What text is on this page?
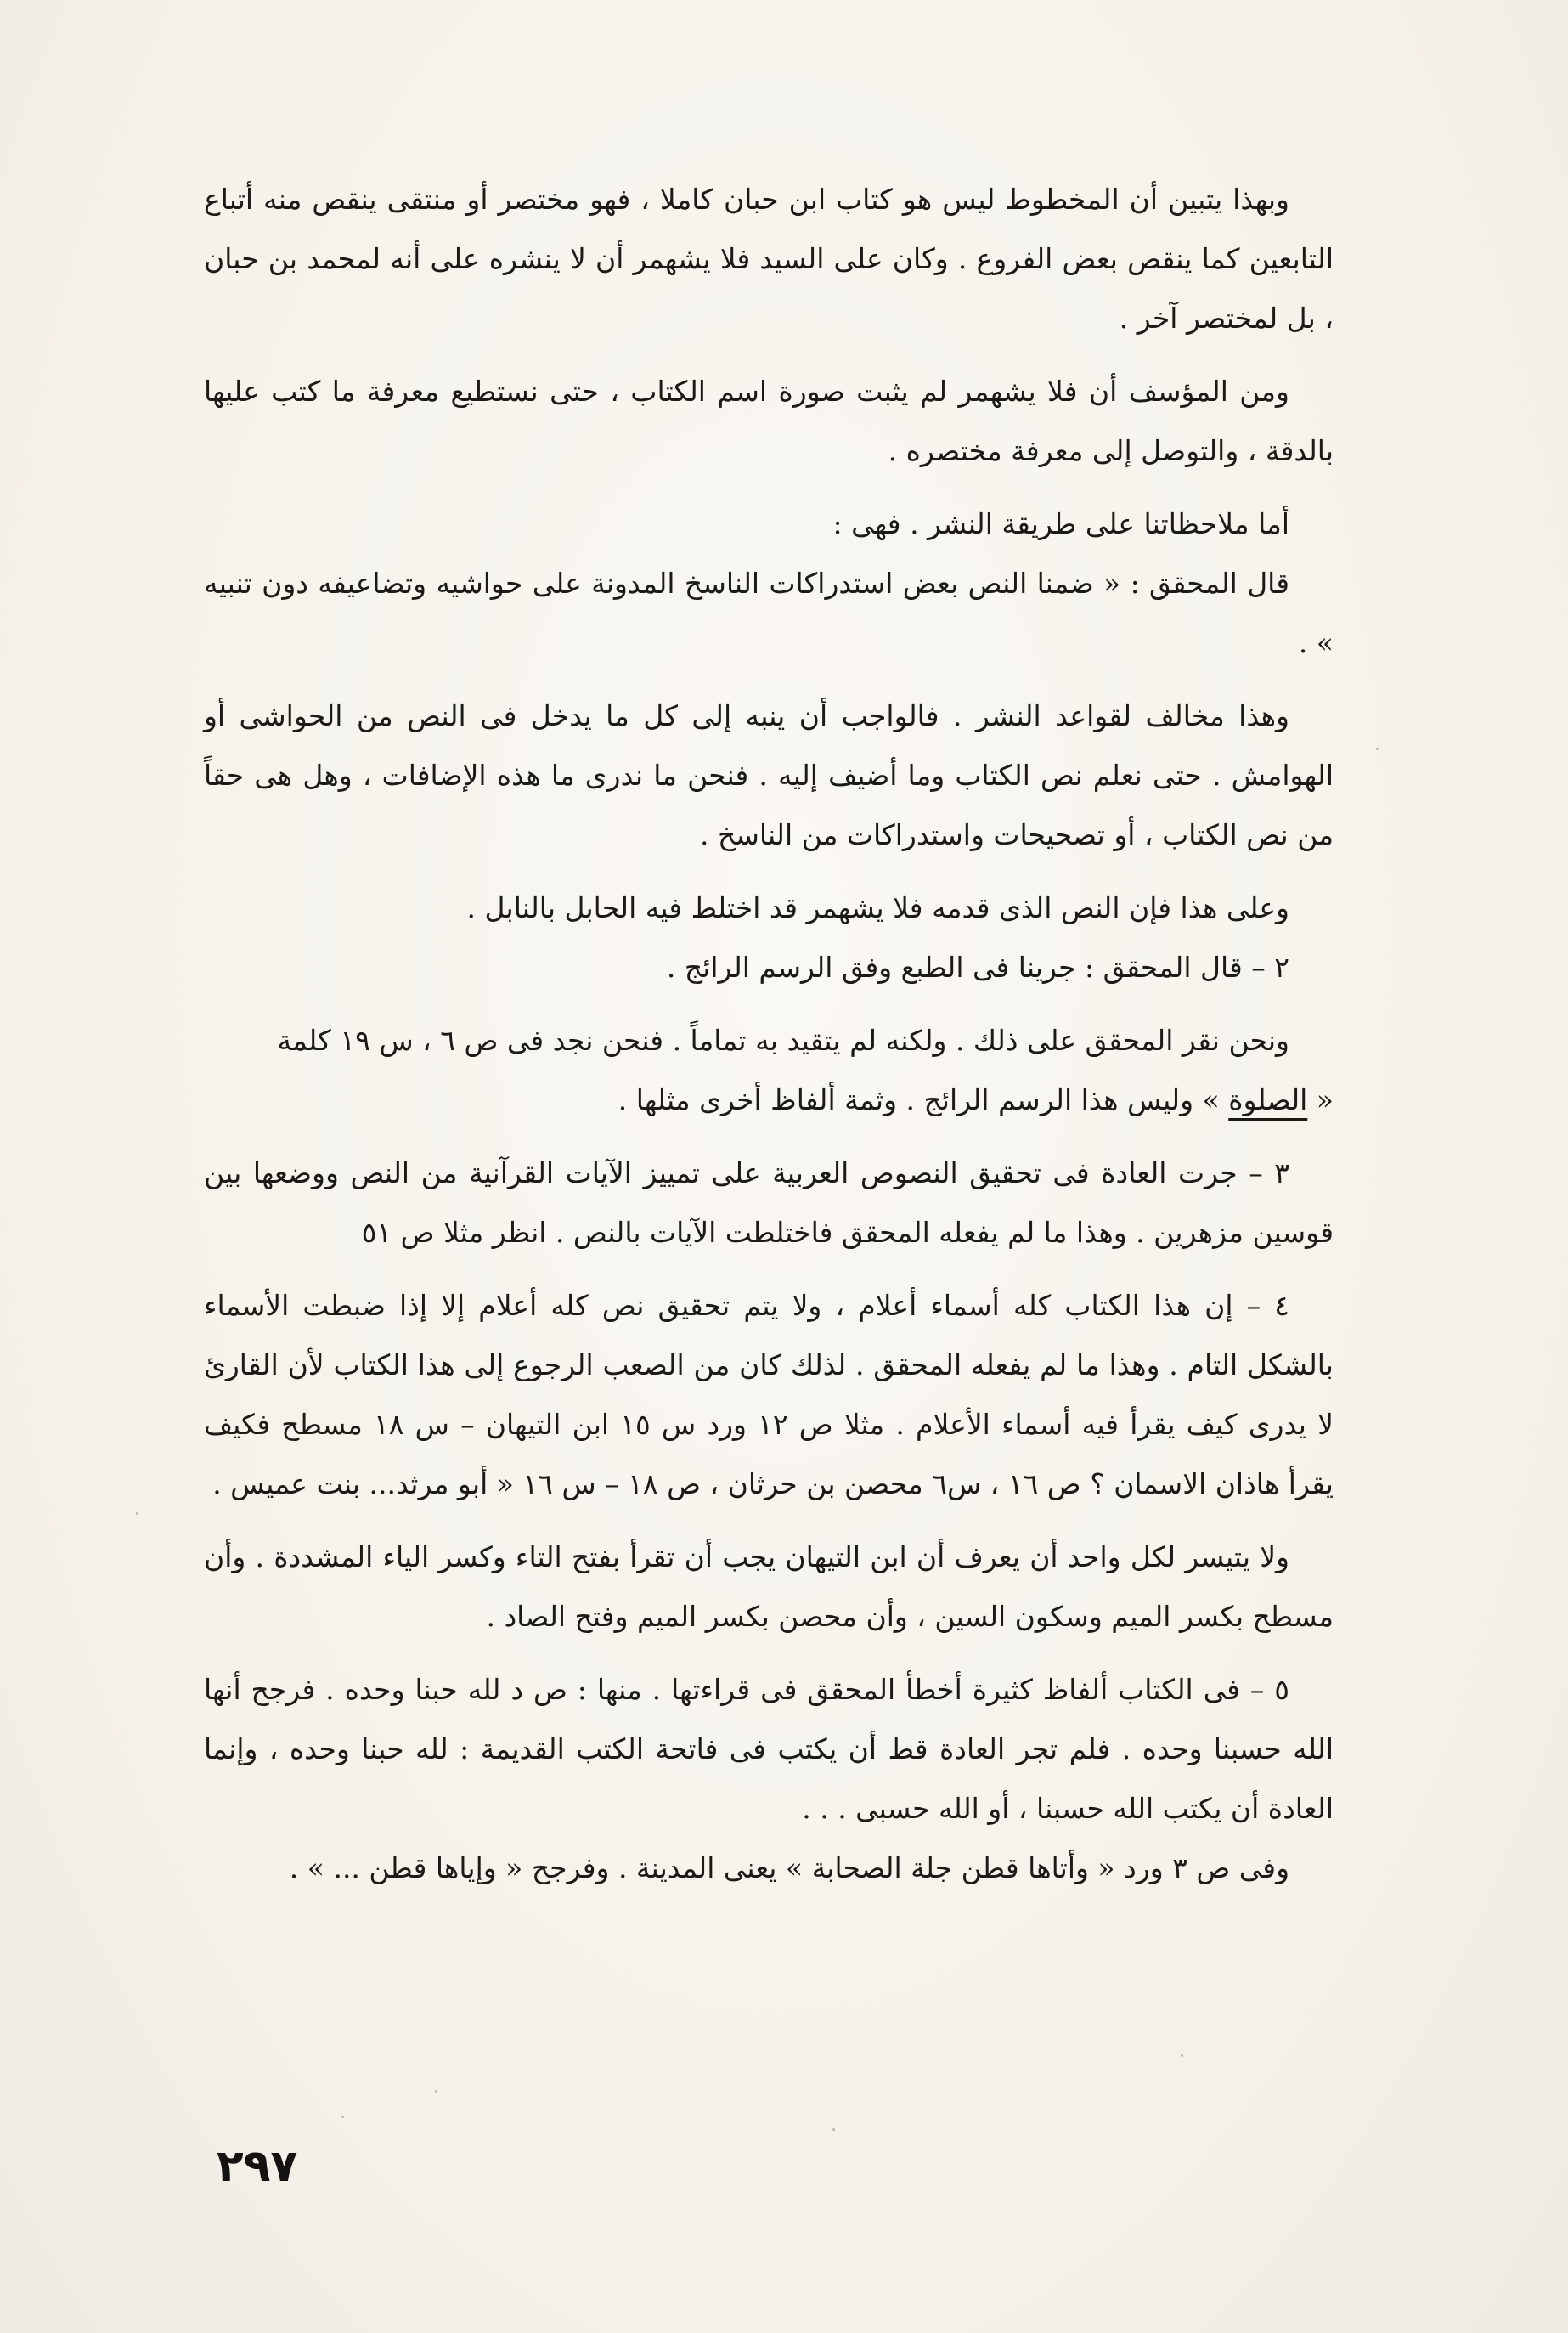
وبهذا يتبين أن المخطوط ليس هو كتاب ابن حبان كاملا ، فهو مختصر أو منتقى ينقص منه أتباع التابعين كما ينقص بعض الفروع . وكان على السيد فلا يشهمر أن لا ينشره على أنه لمحمد بن حبان ، بل لمختصر آخر .

ومن المؤسف أن فلا يشهمر لم يثبت صورة اسم الكتاب ، حتى نستطيع معرفة ما كتب عليها بالدقة ، والتوصل إلى معرفة مختصره .

أما ملاحظاتنا على طريقة النشر . فهى :

قال المحقق : « ضمنا النص بعض استدراكات الناسخ المدونة على حواشيه وتضاعيفه دون تنبيه » .

وهذا مخالف لقواعد النشر . فالواجب أن ينبه إلى كل ما يدخل فى النص من الحواشى أو الهوامش . حتى نعلم نص الكتاب وما أضيف إليه . فنحن ما ندرى ما هذه الإضافات ، وهل هى حقاً من نص الكتاب ، أو تصحيحات واستدراكات من الناسخ .

وعلى هذا فإن النص الذى قدمه فلا يشهمر قد اختلط فيه الحابل بالنابل .

٢ – قال المحقق : جرينا فى الطبع وفق الرسم الرائج .

ونحن نقر المحقق على ذلك . ولكنه لم يتقيد به تماماً . فنحن نجد فى ص ٦ ، س ١٩ كلمة

« الصلوة » وليس هذا الرسم الرائج . وثمة ألفاظ أخرى مثلها .

٣ – جرت العادة فى تحقيق النصوص العربية على تمييز الآيات القرآنية من النص ووضعها بين قوسين مزهرين . وهذا ما لم يفعله المحقق فاختلطت الآيات بالنص . انظر مثلا ص ٥١

٤ – إن هذا الكتاب كله أسماء أعلام ، ولا يتم تحقيق نص كله أعلام إلا إذا ضبطت الأسماء بالشكل التام . وهذا ما لم يفعله المحقق . لذلك كان من الصعب الرجوع إلى هذا الكتاب لأن القارئ لا يدرى كيف يقرأ فيه أسماء الأعلام . مثلا ص ١٢ ورد س ١٥ ابن التيهان – س ١٨ مسطح فكيف يقرأ هاذان الاسمان ؟ ص ١٦ ، س٦ محصن بن حرثان ، ص ١٨ – س ١٦ « أبو مرثد... بنت عميس .

ولا يتيسر لكل واحد أن يعرف أن ابن التيهان يجب أن تقرأ بفتح التاء وكسر الياء المشددة . وأن مسطح بكسر الميم وسكون السين ، وأن محصن بكسر الميم وفتح الصاد .

٥ – فى الكتاب ألفاظ كثيرة أخطأ المحقق فى قراءتها . منها : ص د لله حبنا وحده . فرجح أنها الله حسبنا وحده . فلم تجر العادة قط أن يكتب فى فاتحة الكتب القديمة : لله حبنا وحده ، وإنما العادة أن يكتب الله حسبنا ، أو الله حسبى . . .

وفى ص ٣ ورد « وأتاها قطن جلة الصحابة » يعنى المدينة . وفرجح « وإياها قطن ... » .

٢٩٧
